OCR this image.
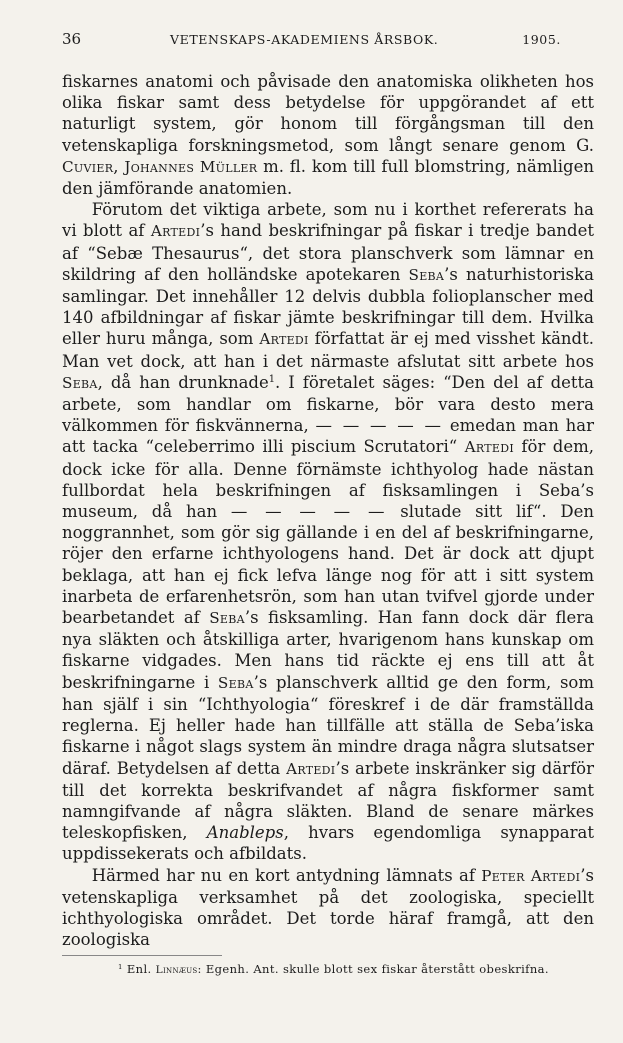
36	VETENSKAPS-AKADEMIENS ÅRSBOK.	1905.

fiskarnes anatomi och påvisade den anatomiska olikheten hos olika fiskar samt dess betydelse för uppgörandet af ett naturligt system, gör honom till förgångsman till den vetenskapliga forskningsmetod, som långt senare genom G. Cuvier, Johannes Müller m. fl. kom till full blomstring, nämligen den jämförande anatomien.

Förutom det viktiga arbete, som nu i korthet refererats ha vi blott af Artedi’s hand beskrifningar på fiskar i tredje bandet af “Sebæ Thesaurus“, det stora planschverk som lämnar en skildring af den holländske apotekaren Seba’s naturhistoriska samlingar. Det innehåller 12 delvis dubbla folioplanscher med 140 afbildningar af fiskar jämte beskrifningar till dem. Hvilka eller huru många, som Artedi författat är ej med visshet kändt. Man vet dock, att han i det närmaste afslutat sitt arbete hos Seba, då han drunknade$^1$. I företalet säges: “Den del af detta arbete, som handlar om fiskarne, bör vara desto mera välkommen för fiskvännerna, — — — — — emedan man har att tacka “celeberrimo illi piscium Scrutatori“ Artedi för dem, dock icke för alla. Denne förnämste ichthyolog hade nästan fullbordat hela beskrifningen af fisksamlingen i Seba’s museum, då han — — — — — slutade sitt lif“. Den noggrannhet, som gör sig gällande i en del af beskrifningarne, röjer den erfarne ichthyologens hand. Det är dock att djupt beklaga, att han ej fick lefva länge nog för att i sitt system inarbeta de erfarenhetsrön, som han utan tvifvel gjorde under bearbetandet af Seba’s fisksamling. Han fann dock där flera nya släkten och åtskilliga arter, hvarigenom hans kunskap om fiskarne vidgades. Men hans tid räckte ej ens till att åt beskrifningarne i Seba’s planschverk alltid ge den form, som han själf i sin “Ichthyologia“ föreskref i de där framställda reglerna. Ej heller hade han tillfälle att ställa de Seba’iska fiskarne i något slags system än mindre draga några slutsatser däraf. Betydelsen af detta Artedi’s arbete inskränker sig därför till det korrekta beskrifvandet af några fiskformer samt namngifvande af några släkten. Bland de senare märkes teleskopfisken, Anableps, hvars egendomliga synapparat uppdissekerats och afbildats.

Härmed har nu en kort antydning lämnats af Peter Artedi’s vetenskapliga verksamhet på det zoologiska, speciellt ichthyologiska området. Det torde häraf framgå, att den zoologiska

$^1$ Enl. Linnæus: Egenh. Ant. skulle blott sex fiskar återstått obeskrifna.
